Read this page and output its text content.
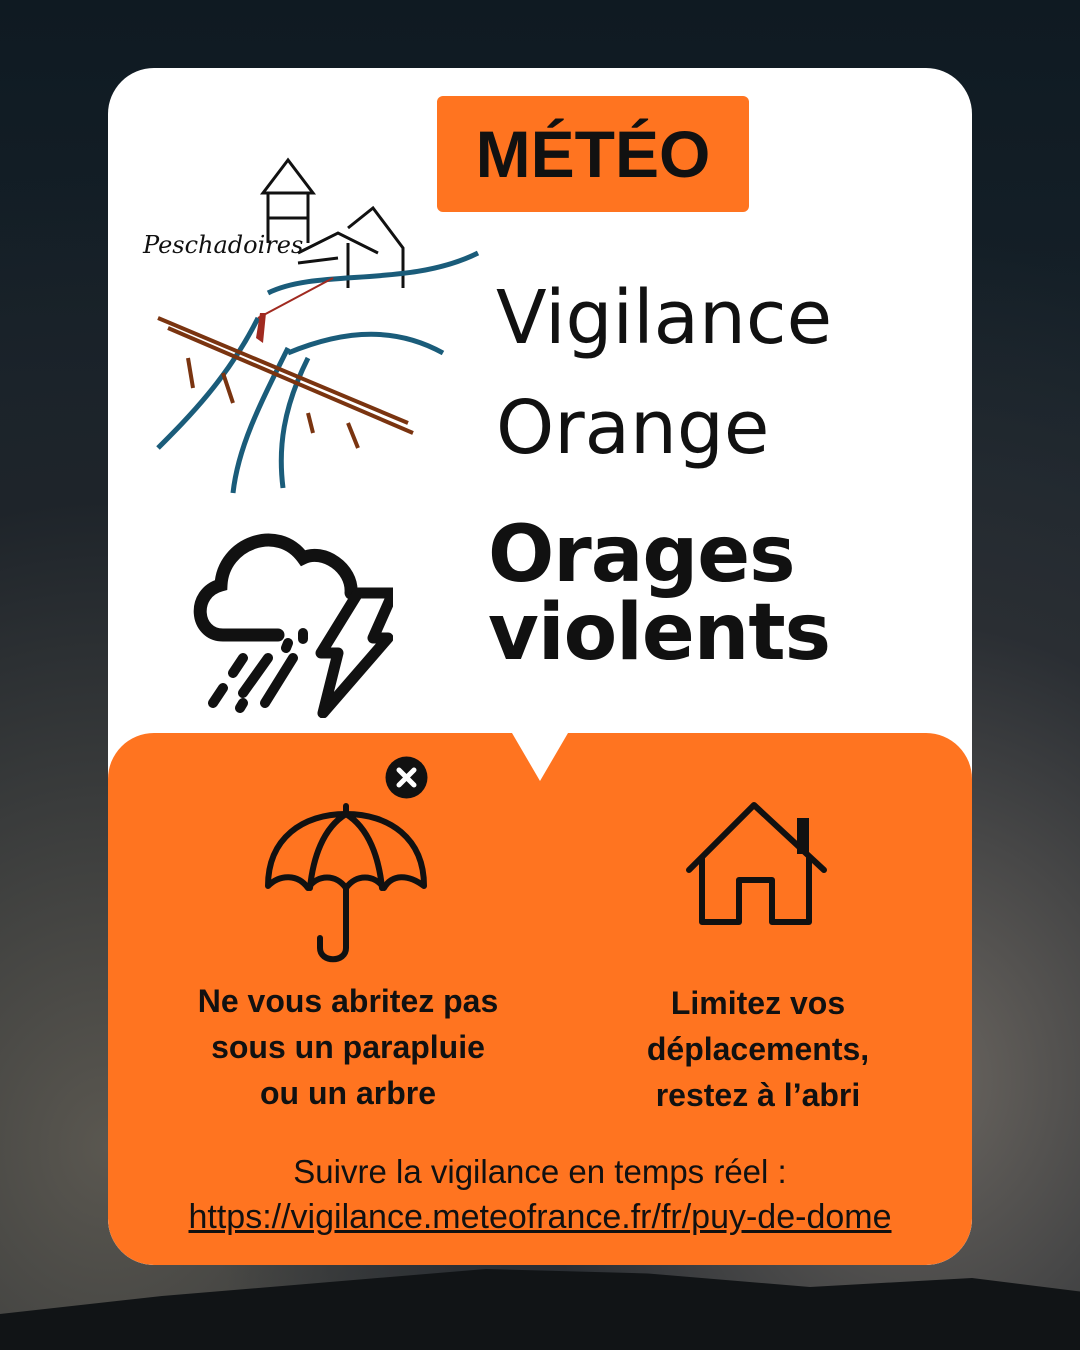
MÉTÉO
Peschadoires
Vigilance
Orange
Orages
violents
Ne vous abritez pas
sous un parapluie
ou un arbre
Limitez vos
déplacements,
restez à l’abri
Suivre la vigilance en temps réel :
https://vigilance.meteofrance.fr/fr/puy-de-dome
